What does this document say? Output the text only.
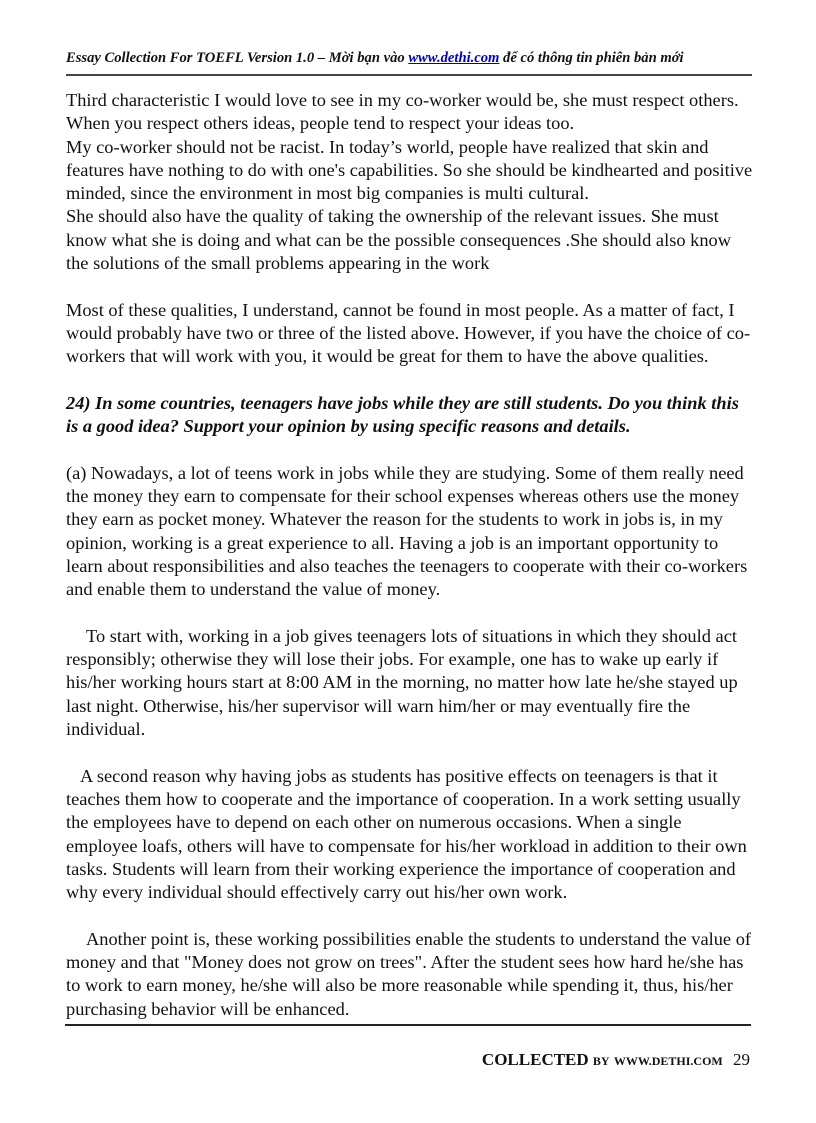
Essay Collection For TOEFL Version 1.0 – Mời bạn vào www.dethi.com để có thông tin phiên bản mới

Third characteristic I would love to see in my co-worker would be, she must respect others. When you respect others ideas, people tend to respect your ideas too.

My co-worker should not be racist. In today’s world, people have realized that skin and features have nothing to do with one's capabilities. So she should be kindhearted and positive minded, since the environment in most big companies is multi cultural.

She should also have the quality of taking the ownership of the relevant issues. She must know what she is doing and what can be the possible consequences .She should also know the solutions of the small problems appearing in the work

Most of these qualities, I understand, cannot be found in most people. As a matter of fact, I would probably have two or three of the listed above. However, if you have the choice of co-workers that will work with you, it would be great for them to have the above qualities.

24) In some countries, teenagers have jobs while they are still students. Do you think this is a good idea? Support your opinion by using specific reasons and details.

(a) Nowadays, a lot of teens work in jobs while they are studying. Some of them really need the money they earn to compensate for their school expenses whereas others use the money they earn as pocket money. Whatever the reason for the students to work in jobs is, in my opinion, working is a great experience to all. Having a job is an important opportunity to learn about responsibilities and also teaches the teenagers to cooperate with their co-workers and enable them to understand the value of money.

To start with, working in a job gives teenagers lots of situations in which they should act responsibly; otherwise they will lose their jobs. For example, one has to wake up early if his/her working hours start at 8:00 AM in the morning, no matter how late he/she stayed up last night. Otherwise, his/her supervisor will warn him/her or may eventually fire the individual.

A second reason why having jobs as students has positive effects on teenagers is that it teaches them how to cooperate and the importance of cooperation. In a work setting usually the employees have to depend on each other on numerous occasions. When a single employee loafs, others will have to compensate for his/her workload in addition to their own tasks. Students will learn from their working experience the importance of cooperation and why every individual should effectively carry out his/her own work.

Another point is, these working possibilities enable the students to understand the value of money and that "Money does not grow on trees". After the student sees how hard he/she has to work to earn money, he/she will also be more reasonable while spending it, thus, his/her purchasing behavior will be enhanced.

COLLECTED BY WWW.DETHI.COM 29
